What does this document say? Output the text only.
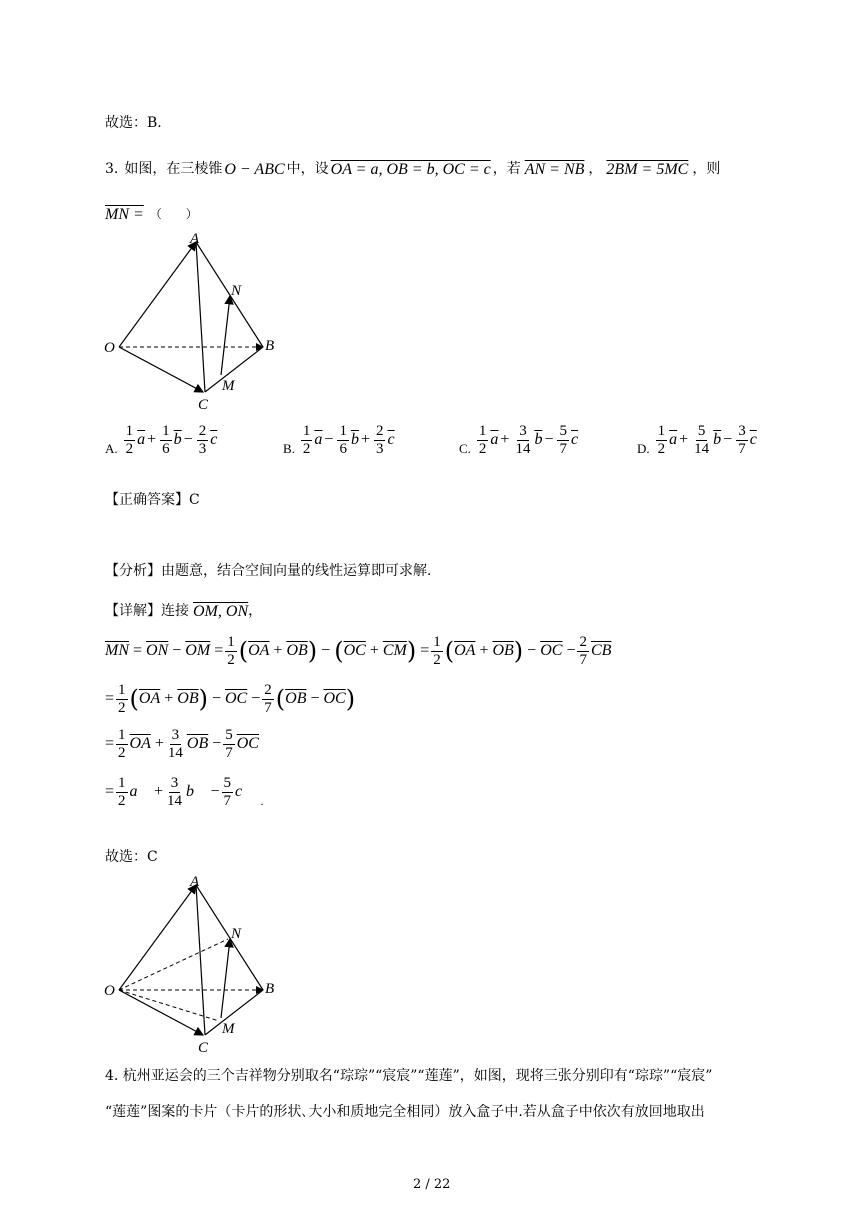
故选：B.
3. 如图，在三棱锥 O − ABC 中，设 OA = a, OB = b, OC = c ，若 AN = NB ， 2BM = 5MC ，则
MN = （　　）
A
N
O	B
M
C
A. $\frac{1}{2} \overline{a} + \frac{1}{6} \overline{b} - \frac{2}{3} \overline{c}$
B. $\frac{1}{2} \overline{a} - \frac{1}{6} \overline{b} + \frac{2}{3} \overline{c}$
C. $\frac{1}{2} \overline{a} + \frac{3}{14} \overline{b} - \frac{5}{7} \overline{c}$
D. $\frac{1}{2} \overline{a} + \frac{5}{14} \overline{b} - \frac{3}{7} \overline{c}$
【正确答案】C
【分析】由题意，结合空间向量的线性运算即可求解.
【详解】 连接 OM, ON ，
$\overline{MN} = \overline{ON} - \overline{OM} = \frac{1}{2}$ ( $\overline{OA} + \overline{OB}$ ) − ( $\overline{OC} + \overline{CM}$ ) = $\frac{1}{2}$ ( $\overline{OA} + \overline{OB}$ ) − $\overline{OC} - \frac{2}{7} \overline{CB}$
= $\frac{1}{2}$ ( $\overline{OA} + \overline{OB}$ ) − $\overline{OC} - \frac{2}{7}$ ( $\overline{OB} - \overline{OC}$ )
= $\frac{1}{2} \overline{OA} + \frac{3}{14} \overline{OB} - \frac{5}{7} \overline{OC}$
= $\frac{1}{2}$ a⃗ + $\frac{3}{14}$ b⃗ − $\frac{5}{7}$ c⃗
.
故选：C
A
N
O	B
M
C
4. 杭州亚运会的三个吉祥物分别取名“琮琮”“宸宸”“莲莲”，如图，现将三张分别印有“琮琮”“宸宸”
“莲莲”图案的卡片（卡片的形状､大小和质地完全相同）放入盒子中.若从盒子中依次有放回地取出
2 / 22
